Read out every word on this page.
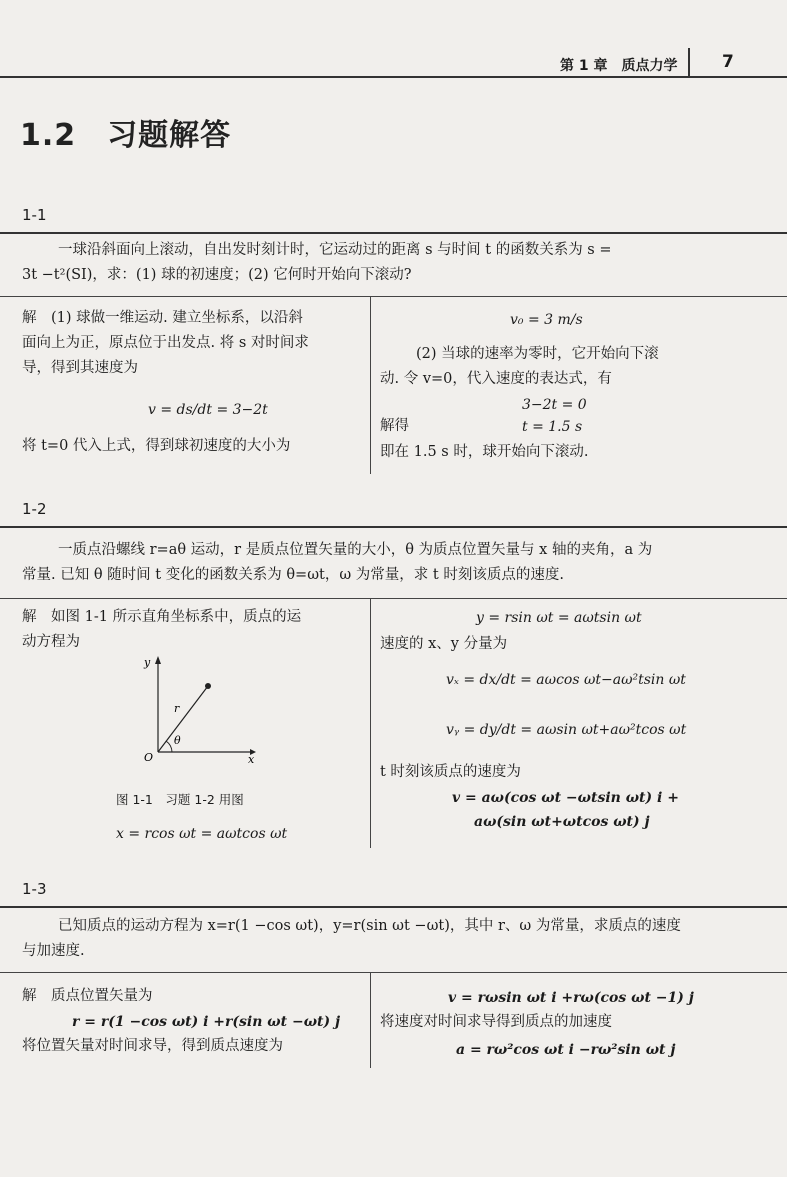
第 1 章　质点力学	7
1.2　习题解答
1-1

一球沿斜面向上滚动，自出发时刻计时，它运动过的距离 s 与时间 t 的函数关系为 s =

3t −t²(SI)，求：(1) 球的初速度；(2) 它何时开始向下滚动?

解　(1) 球做一维运动. 建立坐标系，以沿斜

面向上为正，原点位于出发点. 将 s 对时间求

导，得到其速度为

v = ds/dt = 3−2t

将 t=0 代入上式，得到球初速度的大小为

v₀ = 3 m/s

(2) 当球的速率为零时，它开始向下滚

动. 令 v=0，代入速度的表达式，有

3−2t = 0

解得	t = 1.5 s

即在 1.5 s 时，球开始向下滚动.

1-2

一质点沿螺线 r=aθ 运动，r 是质点位置矢量的大小，θ 为质点位置矢量与 x 轴的夹角，a 为

常量. 已知 θ 随时间 t 变化的函数关系为 θ=ωt，ω 为常量，求 t 时刻该质点的速度.

解　如图 1-1 所示直角坐标系中，质点的运

动方程为

y
r
θ
O	x
图 1-1　习题 1-2 用图
x = rcos ωt = aωtcos ωt
y = rsin ωt = aωtsin ωt

速度的 x、y 分量为

vₓ = dx/dt = aωcos ωt−aω²tsin ωt
vᵧ = dy/dt = aωsin ωt+aω²tcos ωt

t 时刻该质点的速度为

v = aω(cos ωt −ωtsin ωt) i +
aω(sin ωt+ωtcos ωt) j
1-3

已知质点的运动方程为 x=r(1 −cos ωt)，y=r(sin ωt −ωt)，其中 r、ω 为常量，求质点的速度

与加速度.

解　质点位置矢量为

r = r(1 −cos ωt) i +r(sin ωt −ωt) j

将位置矢量对时间求导，得到质点速度为

v = rωsin ωt i +rω(cos ωt −1) j

将速度对时间求导得到质点的加速度

a = rω²cos ωt i −rω²sin ωt j
